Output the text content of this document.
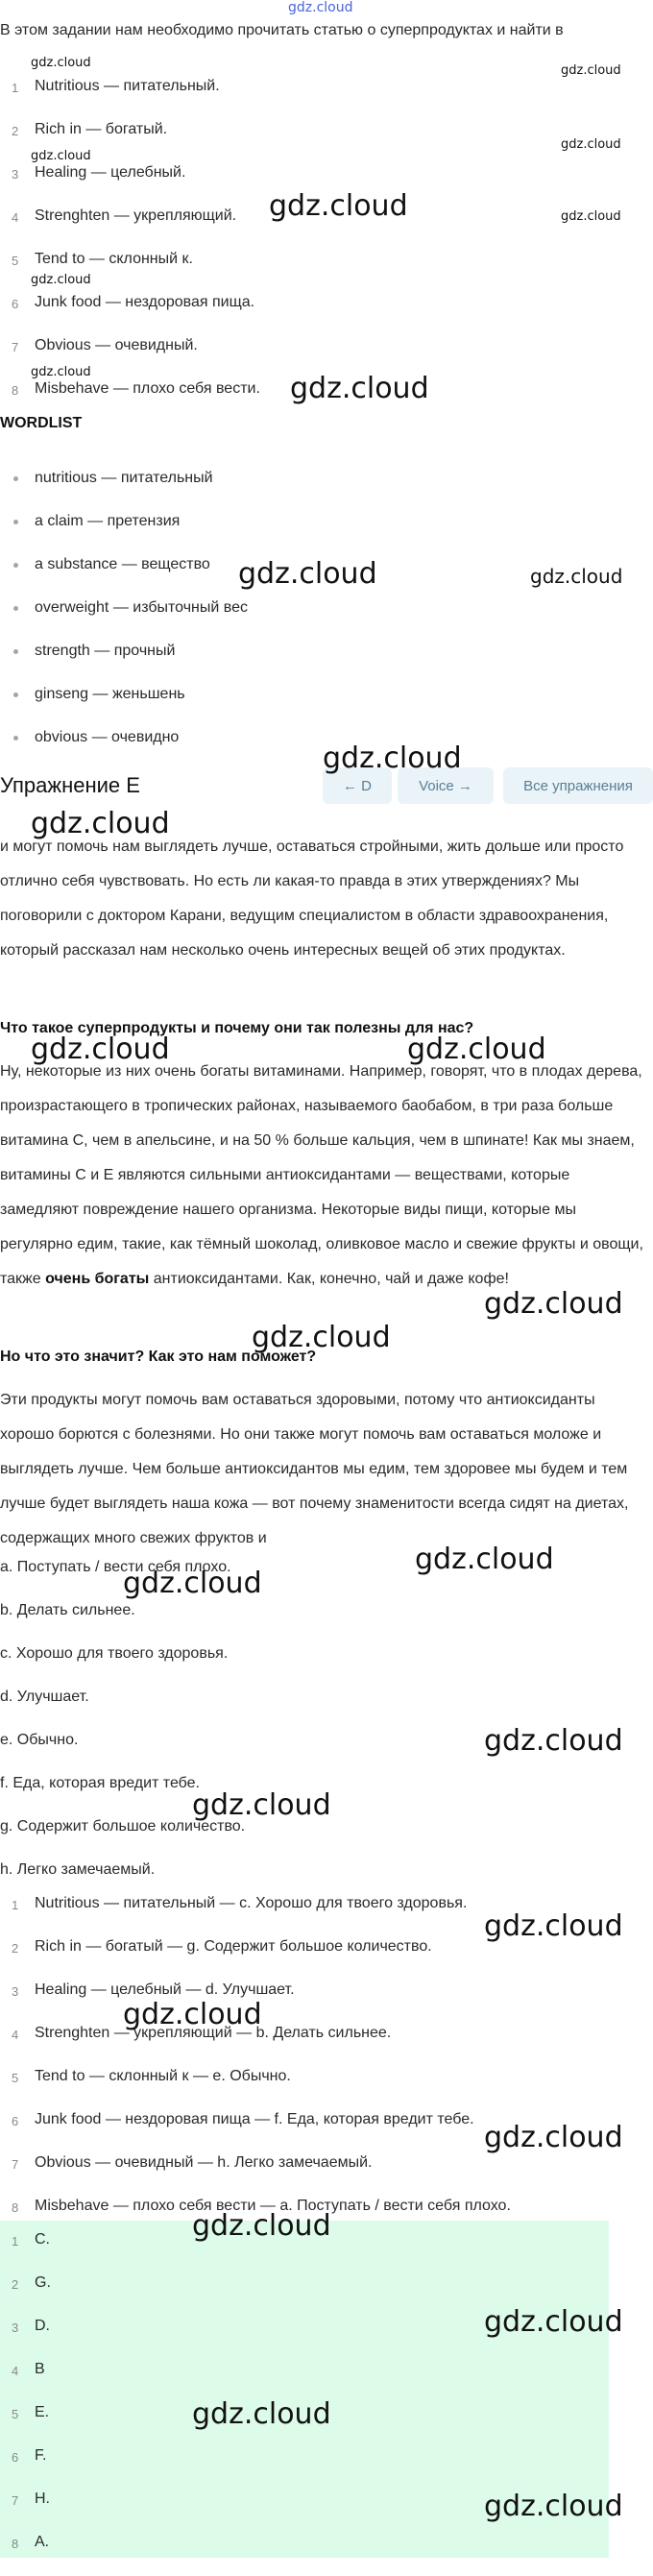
gdz.cloud
В этом задании нам необходимо прочитать статью о суперпродуктах и найти в
1 Nutritious — питательный.
2 Rich in — богатый.
3 Healing — целебный.
4 Strenghten — укрепляющий.
5 Tend to — склонный к.
6 Junk food — нездоровая пища.
7 Obvious — очевидный.
8 Misbehave — плохо себя вести.
WORDLIST
nutritious — питательный
a claim — претензия
a substance — вещество
overweight — избыточный вес
strength — прочный
ginseng — женьшень
obvious — очевидно
Упражнение E	← D	Voice →	Все упражнения
и могут помочь нам выглядеть лучше, оставаться стройными, жить дольше или просто отлично себя чувствовать. Но есть ли какая-то правда в этих утверждениях? Мы поговорили с доктором Карани, ведущим специалистом в области здравоохранения, который рассказал нам несколько очень интересных вещей об этих продуктах.
Что такое суперпродукты и почему они так полезны для нас?
Ну, некоторые из них очень богаты витаминами. Например, говорят, что в плодах дерева, произрастающего в тропических районах, называемого баобабом, в три раза больше витамина C, чем в апельсине, и на 50 % больше кальция, чем в шпинате! Как мы знаем, витамины C и E являются сильными антиоксидантами — веществами, которые замедляют повреждение нашего организма. Некоторые виды пищи, которые мы регулярно едим, такие, как тёмный шоколад, оливковое масло и свежие фрукты и овощи, также очень богаты антиоксидантами. Как, конечно, чай и даже кофе!
Но что это значит? Как это нам поможет?
Эти продукты могут помочь вам оставаться здоровыми, потому что антиоксиданты хорошо борются с болезнями. Но они также могут помочь вам оставаться моложе и выглядеть лучше. Чем больше антиоксидантов мы едим, тем здоровее мы будем и тем лучше будет выглядеть наша кожа — вот почему знаменитости всегда сидят на диетах, содержащих много свежих фруктов и
a. Поступать / вести себя плохо.
b. Делать сильнее.
c. Хорошо для твоего здоровья.
d. Улучшает.
e. Обычно.
f. Еда, которая вредит тебе.
g. Содержит большое количество.
h. Легко замечаемый.
1 Nutritious — питательный — c. Хорошо для твоего здоровья.
2 Rich in — богатый — g. Содержит большое количество.
3 Healing — целебный — d. Улучшает.
4 Strenghten — укрепляющий — b. Делать сильнее.
5 Tend to — склонный к — e. Обычно.
6 Junk food — нездоровая пища — f. Еда, которая вредит тебе.
7 Obvious — очевидный — h. Легко замечаемый.
8 Misbehave — плохо себя вести — a. Поступать / вести себя плохо.
1 C.
2 G.
3 D.
4 B
5 E.
6 F.
7 H.
8 A.
gdz.cloud
gdz.cloud
gdz.cloud
gdz.cloud
gdz.cloud	gdz.cloud
gdz.cloud
gdz.cloud	gdz.cloud
gdz.cloud	gdz.cloud
gdz.cloud
gdz.cloud
gdz.cloud	gdz.cloud
gdz.cloud
gdz.cloud
gdz.cloud
gdz.cloud
gdz.cloud
gdz.cloud
gdz.cloud
gdz.cloud
gdz.cloud
gdz.cloud
gdz.cloud
gdz.cloud
gdz.cloud
